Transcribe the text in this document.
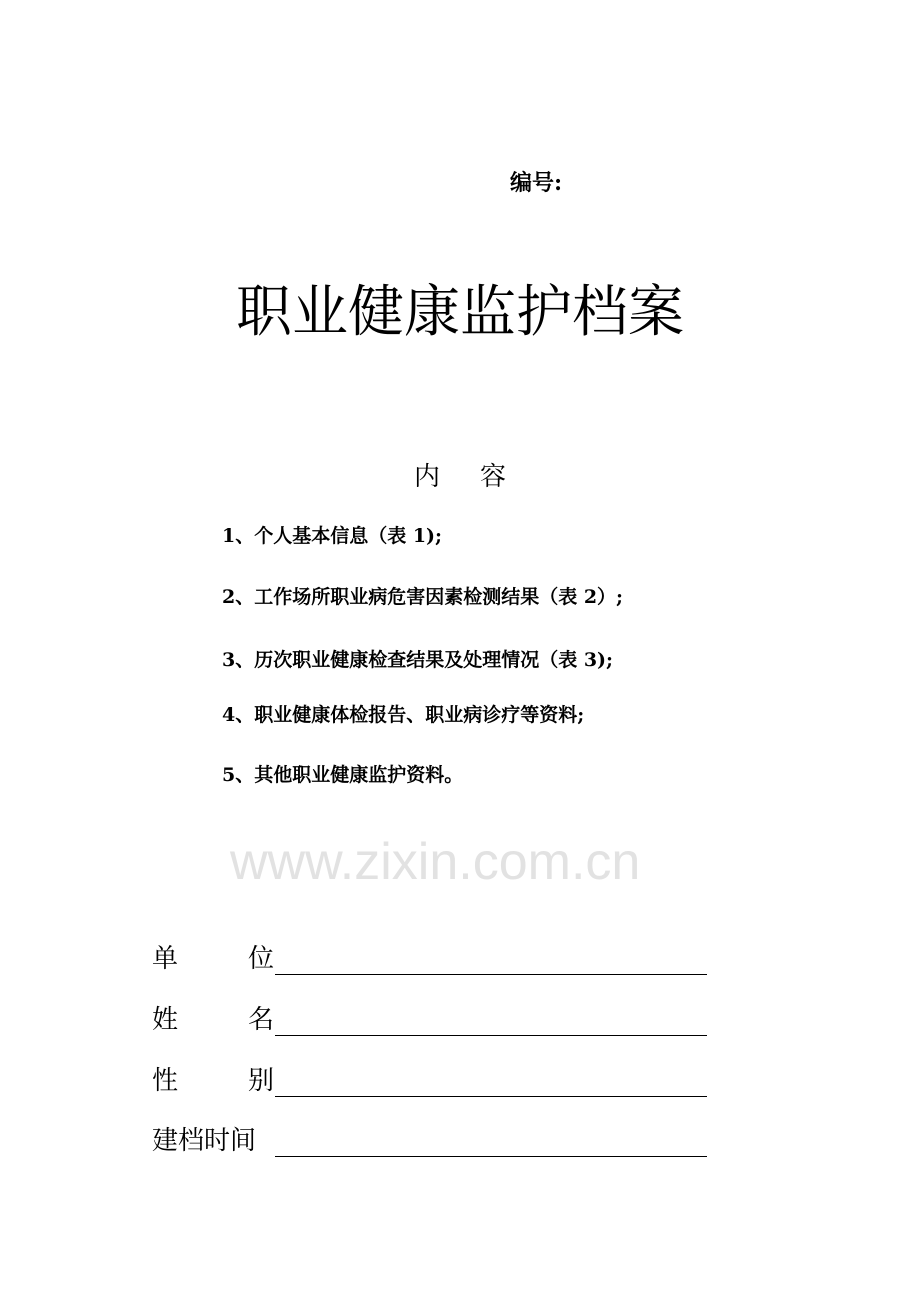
www.zixin.com.cn
编号:
职业健康监护档案
内容
1、个人基本信息（表 1);
2、工作场所职业病危害因素检测结果（表 2）;
3、历次职业健康检查结果及处理情况（表 3);
4、职业健康体检报告、职业病诊疗等资料;
5、其他职业健康监护资料。
单	位
姓	名
性	别
建档时间
